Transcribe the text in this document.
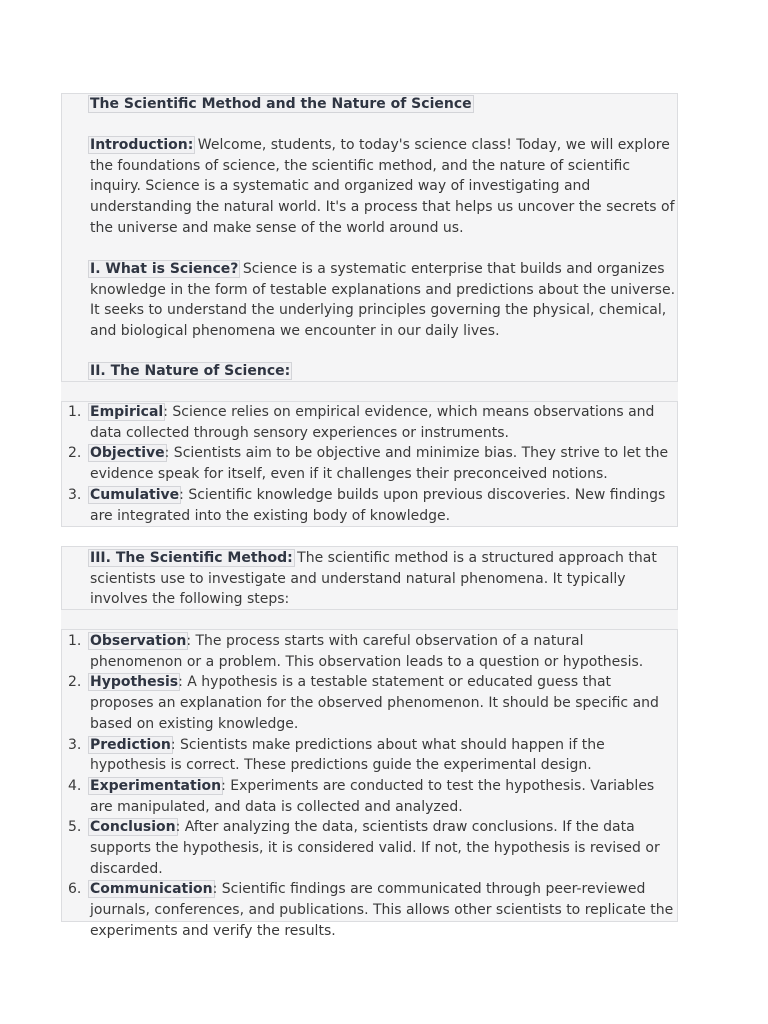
The Scientific Method and the Nature of Science

Introduction: Welcome, students, to today's science class! Today, we will explore the foundations of science, the scientific method, and the nature of scientific inquiry. Science is a systematic and organized way of investigating and understanding the natural world. It's a process that helps us uncover the secrets of the universe and make sense of the world around us.

I. What is Science? Science is a systematic enterprise that builds and organizes knowledge in the form of testable explanations and predictions about the universe. It seeks to understand the underlying principles governing the physical, chemical, and biological phenomena we encounter in our daily lives.

II. The Nature of Science:

1. Empirical: Science relies on empirical evidence, which means observations and data collected through sensory experiences or instruments.
2. Objective: Scientists aim to be objective and minimize bias. They strive to let the evidence speak for itself, even if it challenges their preconceived notions.
3. Cumulative: Scientific knowledge builds upon previous discoveries. New findings are integrated into the existing body of knowledge.

III. The Scientific Method: The scientific method is a structured approach that scientists use to investigate and understand natural phenomena. It typically involves the following steps:

1. Observation: The process starts with careful observation of a natural phenomenon or a problem. This observation leads to a question or hypothesis.
2. Hypothesis: A hypothesis is a testable statement or educated guess that proposes an explanation for the observed phenomenon. It should be specific and based on existing knowledge.
3. Prediction: Scientists make predictions about what should happen if the hypothesis is correct. These predictions guide the experimental design.
4. Experimentation: Experiments are conducted to test the hypothesis. Variables are manipulated, and data is collected and analyzed.
5. Conclusion: After analyzing the data, scientists draw conclusions. If the data supports the hypothesis, it is considered valid. If not, the hypothesis is revised or discarded.
6. Communication: Scientific findings are communicated through peer-reviewed journals, conferences, and publications. This allows other scientists to replicate the experiments and verify the results.
